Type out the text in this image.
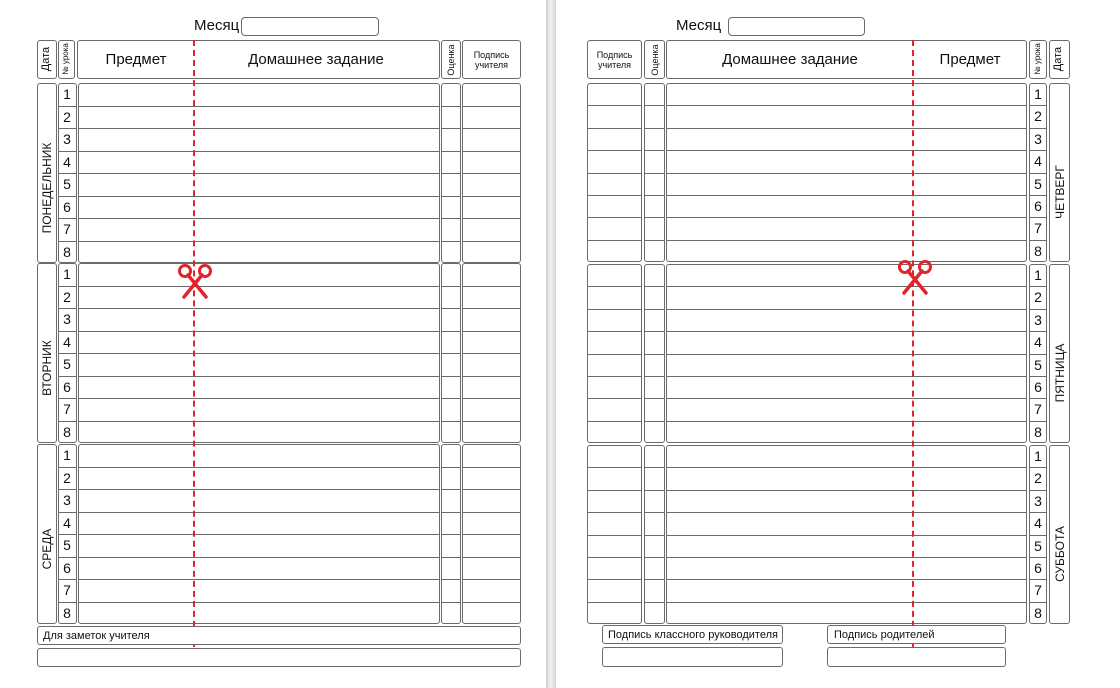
Месяц
Дата № урока	Предмет	Домашнее задание	Оценка	Подпись учителя
ПОНЕДЕЛЬНИК
1
2
3
4
5
6
7
8
ВТОРНИК
1
2
3
4
5
6
7
8
СРЕДА
1
2
3
4
5
6
7
8
Для заметок учителя
Месяц
Подпись учителя	Оценка	Домашнее задание	Предмет	№ урока Дата
ЧЕТВЕРГ
1
2
3
4
5
6
7
8
ПЯТНИЦА
1
2
3
4
5
6
7
8
СУББОТА
1
2
3
4
5
6
7
8
Подпись классного руководителя	Подпись родителей
